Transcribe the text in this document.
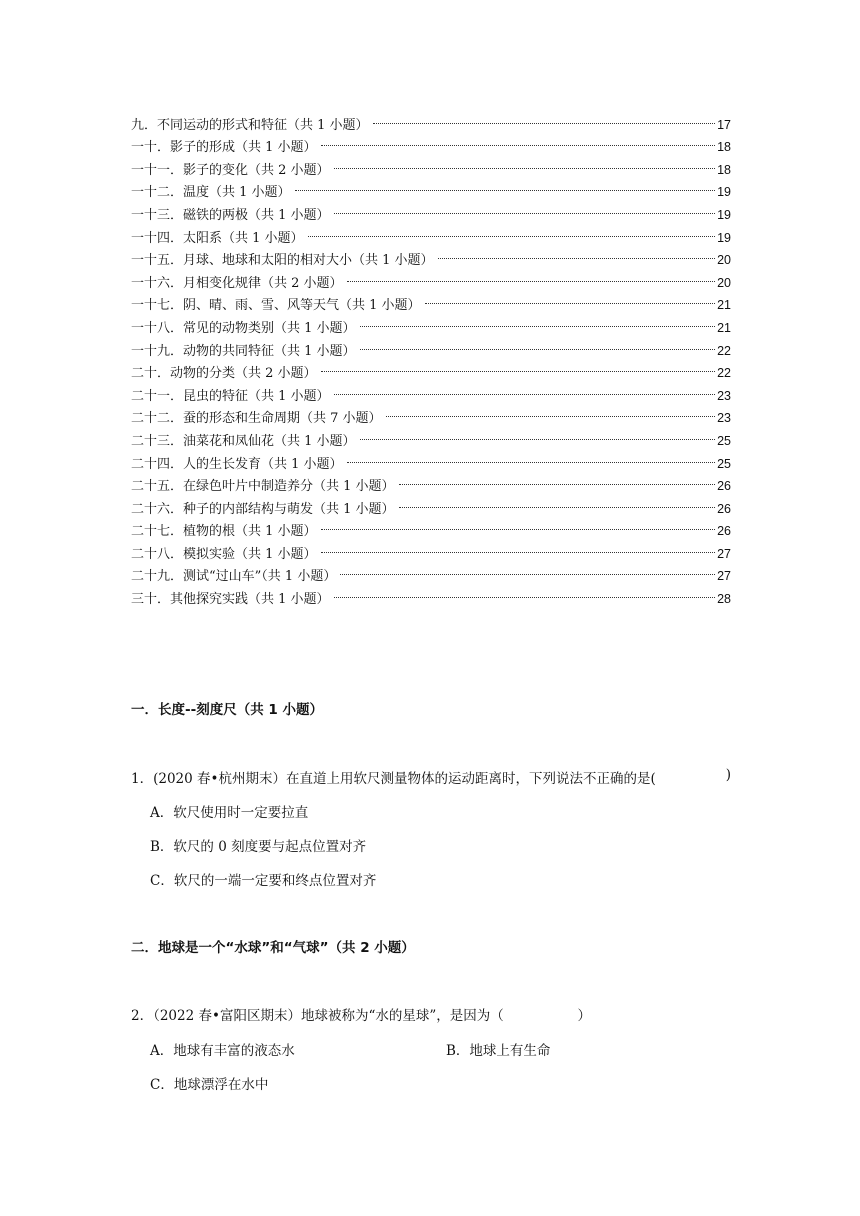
九．不同运动的形式和特征（共 1 小题）	17
一十．影子的形成（共 1 小题）	18
一十一．影子的变化（共 2 小题）	18
一十二．温度（共 1 小题）	19
一十三．磁铁的两极（共 1 小题）	19
一十四．太阳系（共 1 小题）	19
一十五．月球、地球和太阳的相对大小（共 1 小题）	20
一十六．月相变化规律（共 2 小题）	20
一十七．阴、晴、雨、雪、风等天气（共 1 小题）	21
一十八．常见的动物类别（共 1 小题）	21
一十九．动物的共同特征（共 1 小题）	22
二十．动物的分类（共 2 小题）	22
二十一．昆虫的特征（共 1 小题）	23
二十二．蚕的形态和生命周期（共 7 小题）	23
二十三．油菜花和凤仙花（共 1 小题）	25
二十四．人的生长发育（共 1 小题）	25
二十五．在绿色叶片中制造养分（共 1 小题）	26
二十六．种子的内部结构与萌发（共 1 小题）	26
二十七．植物的根（共 1 小题）	26
二十八．模拟实验（共 1 小题）	27
二十九．测试“过山车”（共 1 小题）	27
三十．其他探究实践（共 1 小题）	28
一．长度--刻度尺（共 1 小题）
1．(2020 春•杭州期末）在直道上用软尺测量物体的运动距离时，下列说法不正确的是(	)
A．软尺使用时一定要拉直
B．软尺的 0 刻度要与起点位置对齐
C．软尺的一端一定要和终点位置对齐
二．地球是一个“水球”和“气球”（共 2 小题）
2．（2022 春•富阳区期末）地球被称为“水的星球”，是因为（	）
A．地球有丰富的液态水	B．地球上有生命
C．地球漂浮在水中
